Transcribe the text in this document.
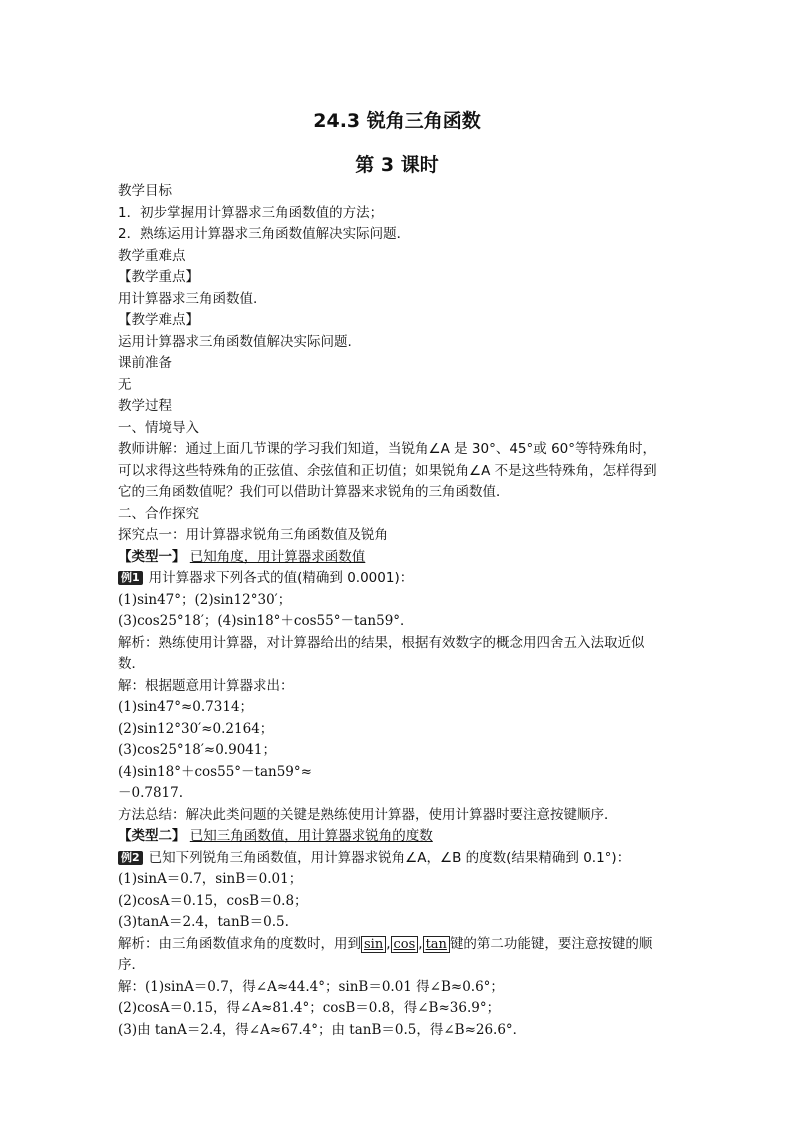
24.3 锐角三角函数
第 3 课时
教学目标
1．初步掌握用计算器求三角函数值的方法；
2．熟练运用计算器求三角函数值解决实际问题．
教学重难点
【教学重点】
用计算器求三角函数值.
【教学难点】
运用计算器求三角函数值解决实际问题.
课前准备
无
教学过程
一、情境导入
教师讲解：通过上面几节课的学习我们知道，当锐角∠A 是 30°、45°或 60°等特殊角时，
可以求得这些特殊角的正弦值、余弦值和正切值；如果锐角∠A 不是这些特殊角，怎样得到
它的三角函数值呢？我们可以借助计算器来求锐角的三角函数值．
二、合作探究
探究点一：用计算器求锐角三角函数值及锐角
【类型一】 已知角度，用计算器求函数值
例1 用计算器求下列各式的值(精确到 0.0001)：
(1)sin47°；(2)sin12°30′；
(3)cos25°18′；(4)sin18°＋cos55°－tan59°．
解析：熟练使用计算器，对计算器给出的结果，根据有效数字的概念用四舍五入法取近似
数．
解：根据题意用计算器求出：
(1)sin47°≈0.7314；
(2)sin12°30′≈0.2164；
(3)cos25°18′≈0.9041；
(4)sin18°＋cos55°－tan59°≈
－0.7817.
方法总结：解决此类问题的关键是熟练使用计算器，使用计算器时要注意按键顺序．
【类型二】 已知三角函数值，用计算器求锐角的度数
例2 已知下列锐角三角函数值，用计算器求锐角∠A，∠B 的度数(结果精确到 0.1°)：
(1)sinA＝0.7，sinB＝0.01；
(2)cosA＝0.15，cosB＝0.8；
(3)tanA＝2.4，tanB＝0.5.
解析：由三角函数值求角的度数时，用到 sin , cos , tan 键的第二功能键，要注意按键的顺
序．
解：(1)sinA＝0.7，得∠A≈44.4°；sinB＝0.01 得∠B≈0.6°；
(2)cosA＝0.15，得∠A≈81.4°；cosB＝0.8，得∠B≈36.9°；
(3)由 tanA＝2.4，得∠A≈67.4°；由 tanB＝0.5，得∠B≈26.6°．
